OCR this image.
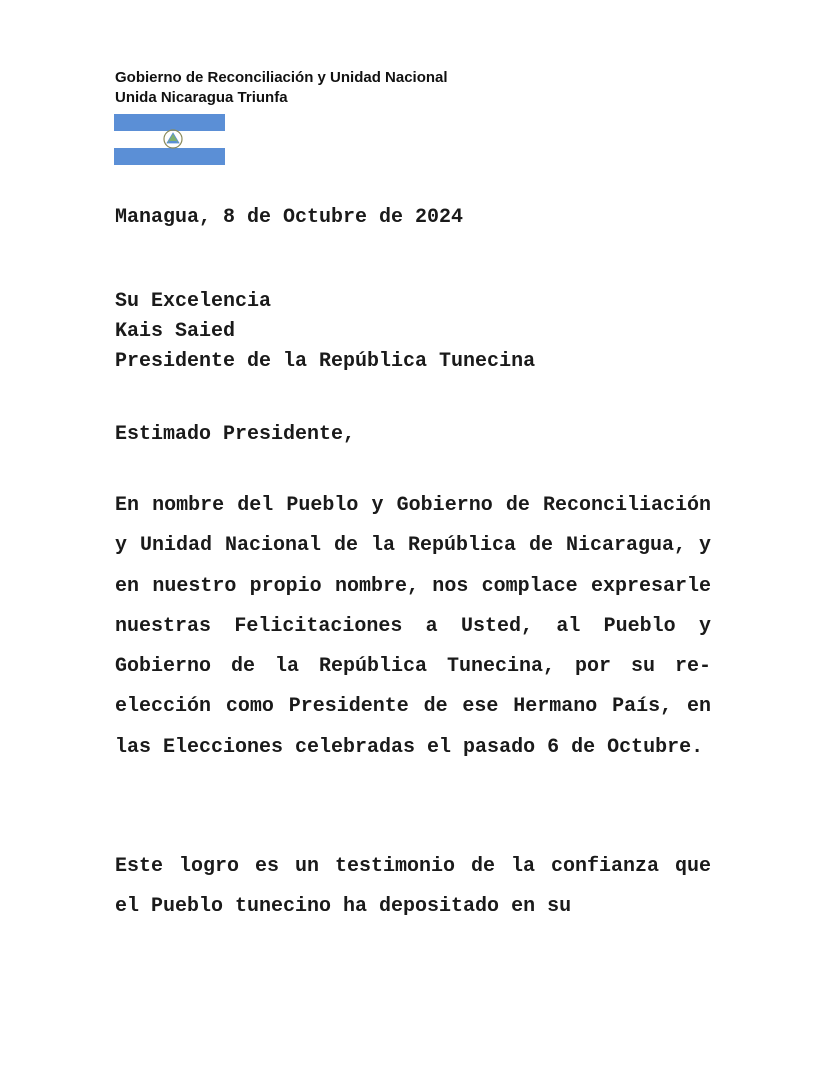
Gobierno de Reconciliación y Unidad Nacional
Unida Nicaragua Triunfa
Managua, 8 de Octubre de 2024
Su Excelencia
Kais Saied
Presidente de la República Tunecina
Estimado Presidente,
En nombre del Pueblo y Gobierno de Reconciliación y Unidad Nacional de la República de Nicaragua, y en nuestro propio nombre, nos complace expresarle nuestras Felicitaciones a Usted, al Pueblo y Gobierno de la República Tunecina, por su re-elección como Presidente de ese Hermano País, en las Elecciones celebradas el pasado 6 de Octubre.
Este logro es un testimonio de la confianza que el Pueblo tunecino ha depositado en su
